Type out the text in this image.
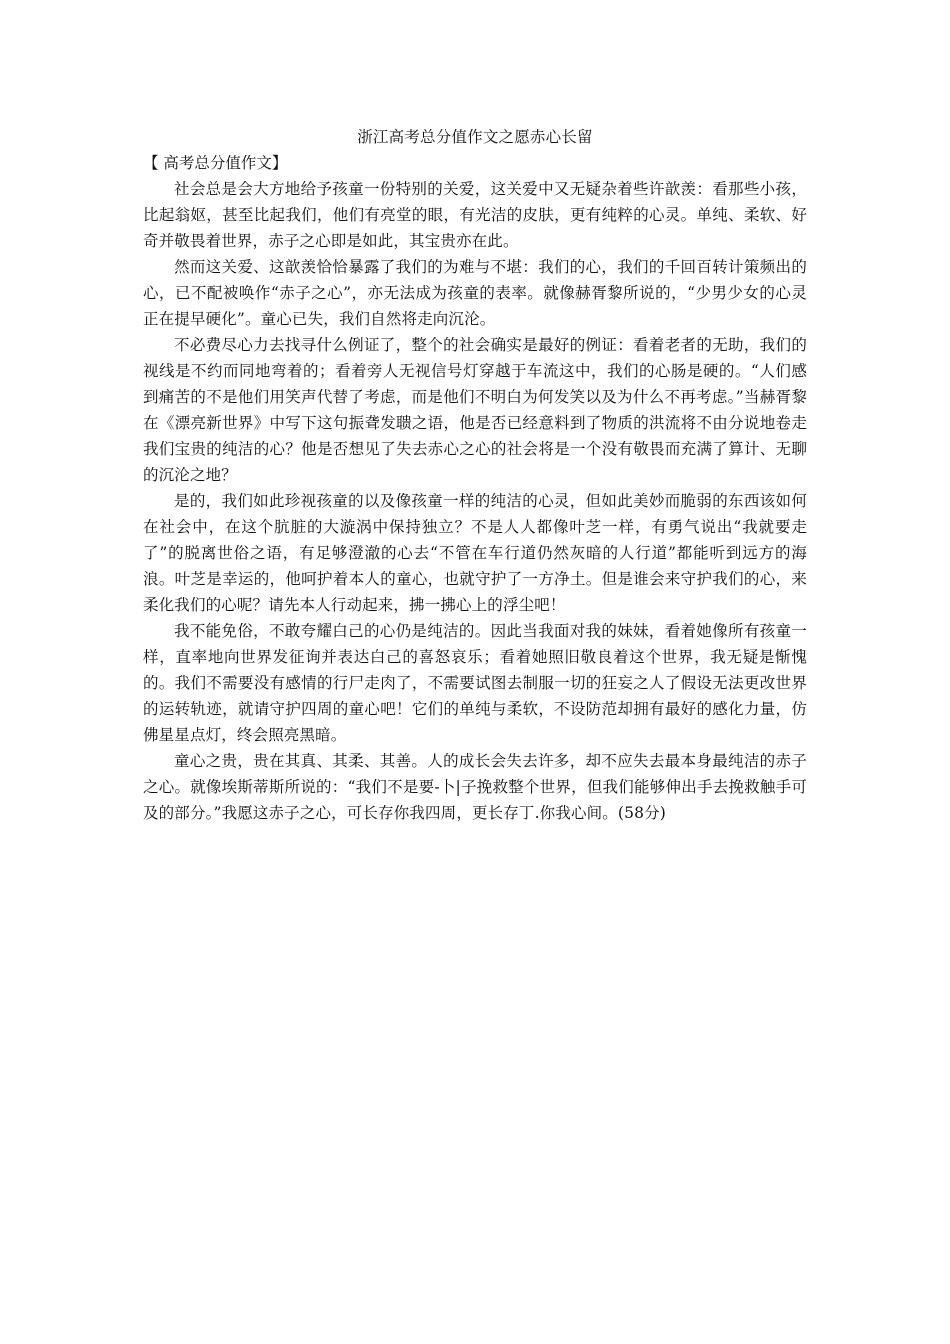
浙江高考总分值作文之愿赤心长留

【 高考总分值作文】

社会总是会大方地给予孩童一份特别的关爱，这关爱中又无疑杂着些许歆羡：看那些小孩，比起翁妪，甚至比起我们，他们有亮堂的眼，有光洁的皮肤，更有纯粹的心灵。单纯、柔软、好奇并敬畏着世界，赤子之心即是如此，其宝贵亦在此。

然而这关爱、这歆羡恰恰暴露了我们的为难与不堪：我们的心，我们的千回百转计策频出的心，已不配被唤作“赤子之心”，亦无法成为孩童的表率。就像赫胥黎所说的，“少男少女的心灵正在提早硬化”。童心已失，我们自然将走向沉沦。

不必费尽心力去找寻什么例证了，整个的社会确实是最好的例证：看着老者的无助，我们的视线是不约而同地弯着的；看着旁人无视信号灯穿越于车流这中，我们的心肠是硬的。“人们感到痛苦的不是他们用笑声代替了考虑，而是他们不明白为何发笑以及为什么不再考虑。”当赫胥黎在《漂亮新世界》中写下这句振聋发聩之语，他是否已经意料到了物质的洪流将不由分说地卷走我们宝贵的纯洁的心？他是否想见了失去赤心之心的社会将是一个没有敬畏而充满了算计、无聊的沉沦之地？

是的，我们如此珍视孩童的以及像孩童一样的纯洁的心灵，但如此美妙而脆弱的东西该如何在社会中，在这个肮脏的大漩涡中保持独立？不是人人都像叶芝一样，有勇气说出“我就要走了”的脱离世俗之语，有足够澄澈的心去“不管在车行道仍然灰暗的人行道”都能听到远方的海浪。叶芝是幸运的，他呵护着本人的童心，也就守护了一方净土。但是谁会来守护我们的心，来柔化我们的心呢？请先本人行动起来，拂一拂心上的浮尘吧！

我不能免俗，不敢夸耀白己的心仍是纯洁的。因此当我面对我的妹妹，看着她像所有孩童一样，直率地向世界发征询并表达白己的喜怒哀乐；看着她照旧敬良着这个世界，我无疑是惭愧的。我们不需要没有感情的行尸走肉了，不需要试图去制服一切的狂妄之人了假设无法更改世界的运转轨迹，就请守护四周的童心吧！它们的单纯与柔软，不设防范却拥有最好的感化力量，仿佛星星点灯，终会照亮黑暗。

童心之贵，贵在其真、其柔、其善。人的成长会失去许多，却不应失去最本身最纯洁的赤子之心。就像埃斯蒂斯所说的：“我们不是要-卜|子挽救整个世界，但我们能够伸出手去挽救触手可及的部分。”我愿这赤子之心，可长存你我四周，更长存丁.你我心间。(58分)
